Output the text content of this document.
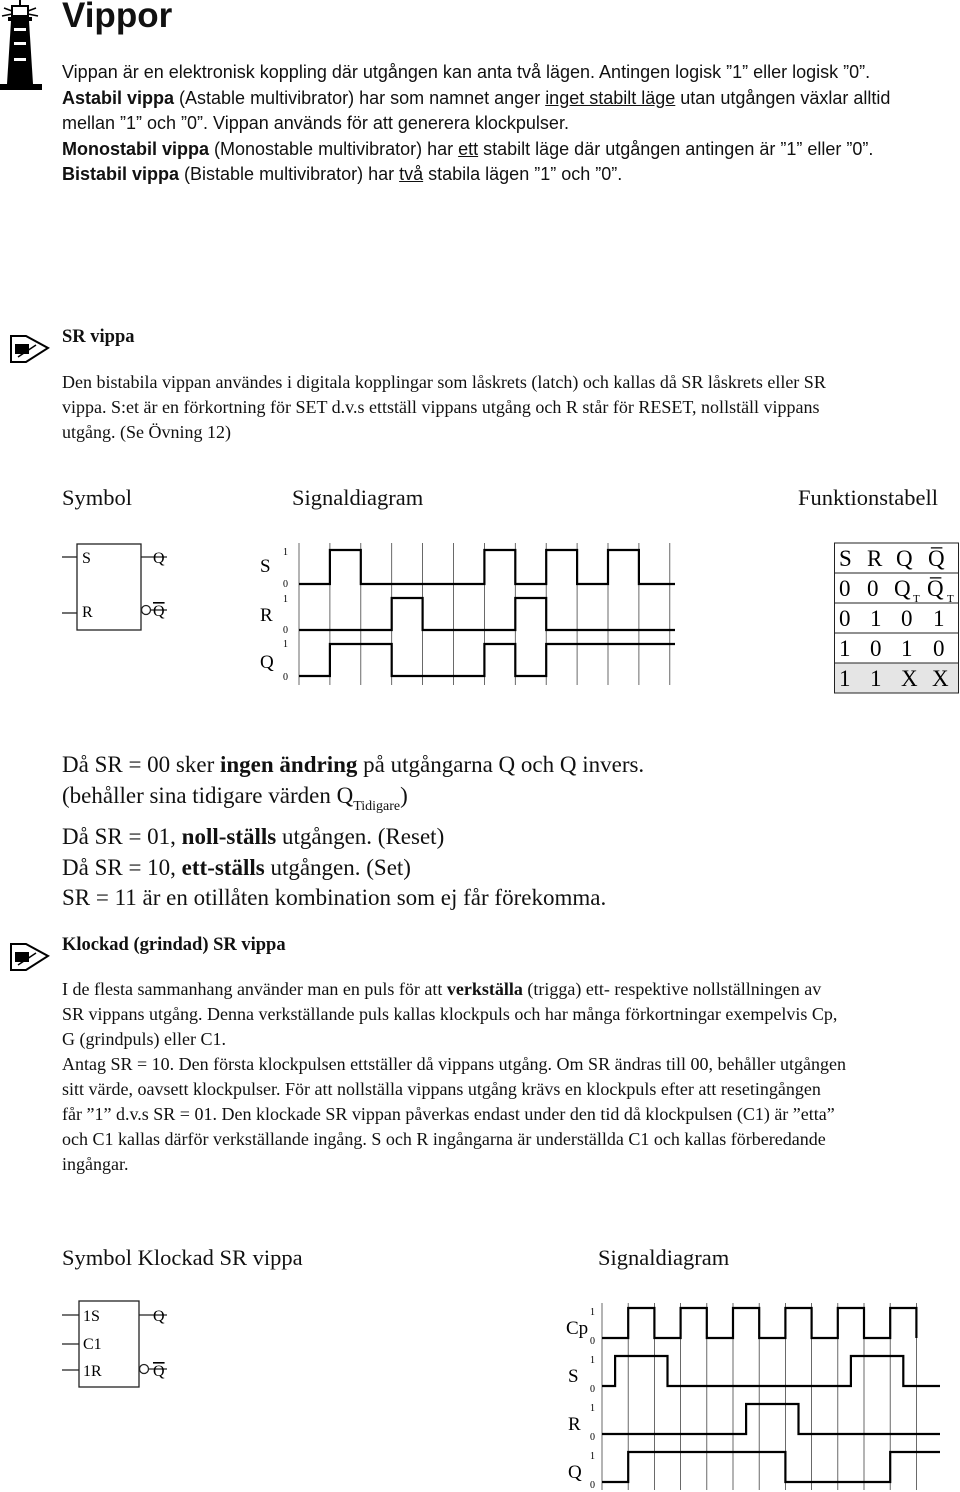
Vippor
Vippan är en elektronisk koppling där utgången kan anta två lägen. Antingen logisk ”1” eller logisk ”0”.
Astabil vippa (Astable multivibrator) har som namnet anger inget stabilt läge utan utgången växlar alltid
mellan ”1” och ”0”. Vippan används för att generera klockpulser.
Monostabil vippa (Monostable multivibrator) har ett stabilt läge där utgången antingen är ”1” eller ”0”.
Bistabil vippa (Bistable multivibrator) har två stabila lägen ”1” och ”0”.
SR vippa
Den bistabila vippan användes i digitala kopplingar som låskrets (latch) och kallas då SR låskrets eller SR
vippa. S:et är en förkortning för SET d.v.s ettställ vippans utgång och R står för RESET, nollställ vippans
utgång. (Se Övning 12)
Symbol	Signaldiagram	Funktionstabell
S
R
Q
Q
S
R
Q
1
0
1
0
1
0
S R Q Q̅
0 0 Q T Q̅ T
0 1 0 1
1 0 1 0
1 1 X X
Då SR = 00 sker ingen ändring på utgångarna Q och Q invers.
(behåller sina tidigare värden $Q_{Tidigare}$)
Då SR = 01, noll-ställs utgången. (Reset)
Då SR = 10, ett-ställs utgången. (Set)
SR = 11 är en otillåten kombination som ej får förekomma.
Klockad (grindad) SR vippa
I de flesta sammanhang använder man en puls för att verkställa (trigga) ett- respektive nollställningen av
SR vippans utgång. Denna verkställande puls kallas klockpuls och har många förkortningar exempelvis Cp,
G (grindpuls) eller C1.
Antag SR = 10. Den första klockpulsen ettställer då vippans utgång. Om SR ändras till 00, behåller utgången
sitt värde, oavsett klockpulser. För att nollställa vippans utgång krävs en klockpuls efter att resetingången
får ”1” d.v.s SR = 01. Den klockade SR vippan påverkas endast under den tid då klockpulsen (C1) är ”etta”
och C1 kallas därför verkställande ingång. S och R ingångarna är underställda C1 och kallas förberedande
ingångar.
Symbol Klockad SR vippa	Signaldiagram
1S
C1
1R
Q
Q
Cp
S
R
Q
1
0
1
0
1
0
1
0
